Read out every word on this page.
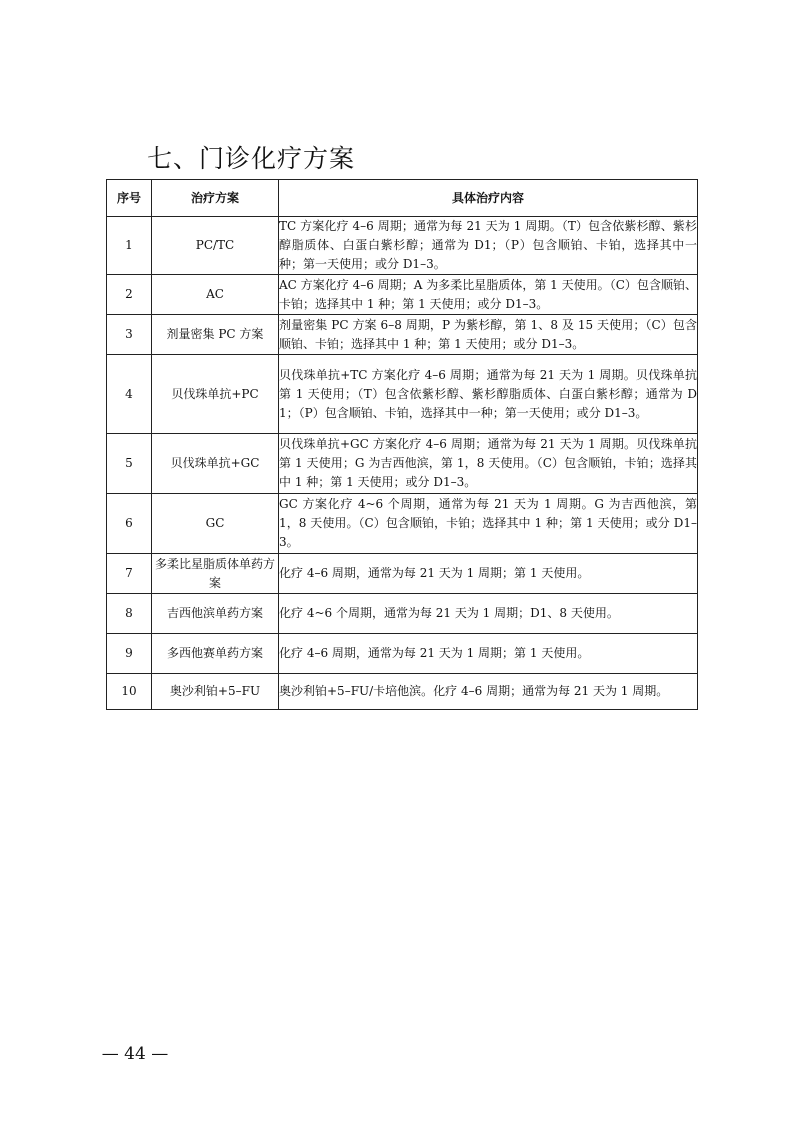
七、门诊化疗方案
序号	治疗方案	具体治疗内容
1	PC/TC	TC 方案化疗 4–6 周期；通常为每 21 天为 1 周期。（T）包含依紫杉醇、紫杉醇脂质体、白蛋白紫杉醇；通常为 D1；（P）包含顺铂、卡铂，选择其中一种；第一天使用；或分 D1–3。
2	AC	AC 方案化疗 4–6 周期；A 为多柔比星脂质体，第 1 天使用。（C）包含顺铂、卡铂；选择其中 1 种；第 1 天使用；或分 D1–3。
3	剂量密集 PC 方案	剂量密集 PC 方案 6–8 周期，P 为紫杉醇，第 1、8 及 15 天使用；（C）包含顺铂、卡铂；选择其中 1 种；第 1 天使用；或分 D1–3。
4	贝伐珠单抗+PC	贝伐珠单抗+TC 方案化疗 4–6 周期；通常为每 21 天为 1 周期。贝伐珠单抗第 1 天使用；（T）包含依紫杉醇、紫杉醇脂质体、白蛋白紫杉醇；通常为 D1；（P）包含顺铂、卡铂，选择其中一种；第一天使用；或分 D1–3。
5	贝伐珠单抗+GC	贝伐珠单抗+GC 方案化疗 4–6 周期；通常为每 21 天为 1 周期。贝伐珠单抗第 1 天使用；G 为吉西他滨，第 1，8 天使用。（C）包含顺铂，卡铂；选择其中 1 种；第 1 天使用；或分 D1–3。
6	GC	GC 方案化疗 4~6 个周期，通常为每 21 天为 1 周期。G 为吉西他滨，第 1，8 天使用。（C）包含顺铂，卡铂；选择其中 1 种；第 1 天使用；或分 D1–3。
7	多柔比星脂质体单药方案	化疗 4–6 周期，通常为每 21 天为 1 周期；第 1 天使用。
8	吉西他滨单药方案	化疗 4~6 个周期，通常为每 21 天为 1 周期；D1、8 天使用。
9	多西他赛单药方案	化疗 4–6 周期，通常为每 21 天为 1 周期；第 1 天使用。
10	奥沙利铂+5–FU	奥沙利铂+5–FU/卡培他滨。化疗 4–6 周期；通常为每 21 天为 1 周期。
— 44 —
